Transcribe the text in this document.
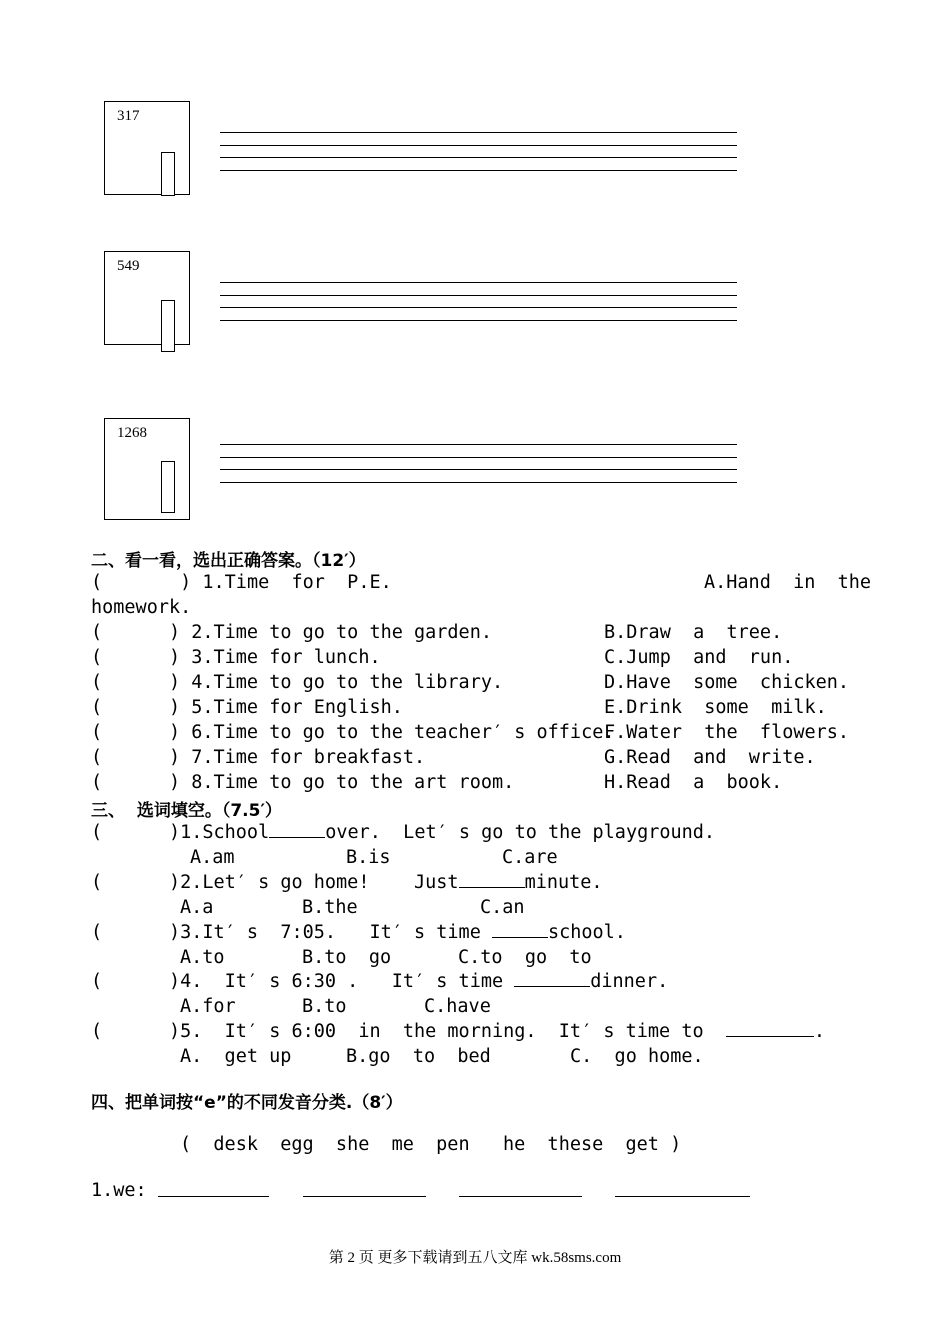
317
549
1268
二、看一看，选出正确答案。（12′）
(       ) 1.Time  for  P.E.	A.Hand  in  the
homework.
(      ) 2.Time to go to the garden.	B.Draw  a  tree.
(      ) 3.Time for lunch.	C.Jump  and  run.
(      ) 4.Time to go to the library.	D.Have  some  chicken.
(      ) 5.Time for English.	E.Drink  some  milk.
(      ) 6.Time to go to the teacher′ s office.
F.Water  the  flowers.
(      ) 7.Time for breakfast.	G.Read  and  write.
(      ) 8.Time to go to the art room.	H.Read  a  book.
三、  选词填空。（7.5′）
(      )1.School	over.  Let′ s go to the playground.
A.am	B.is	C.are
(      )2.Let′ s go home!    Just	minute.
A.a	B.the	C.an
(      )3.It′ s  7:05.   It′ s time	school.
A.to	B.to  go	C.to  go  to
(      )4.  It′ s 6:30 .   It′ s time	dinner.
A.for	B.to	C.have
(      )5.  It′ s 6:00  in  the morning.  It′ s time to	.
A.  get up	B.go  to  bed	C.  go home.
四、把单词按“e”的不同发音分类.（8′）
(  desk  egg  she  me  pen   he  these  get )
1.we:
第 2 页 更多下载请到五八文库 wk.58sms.com
